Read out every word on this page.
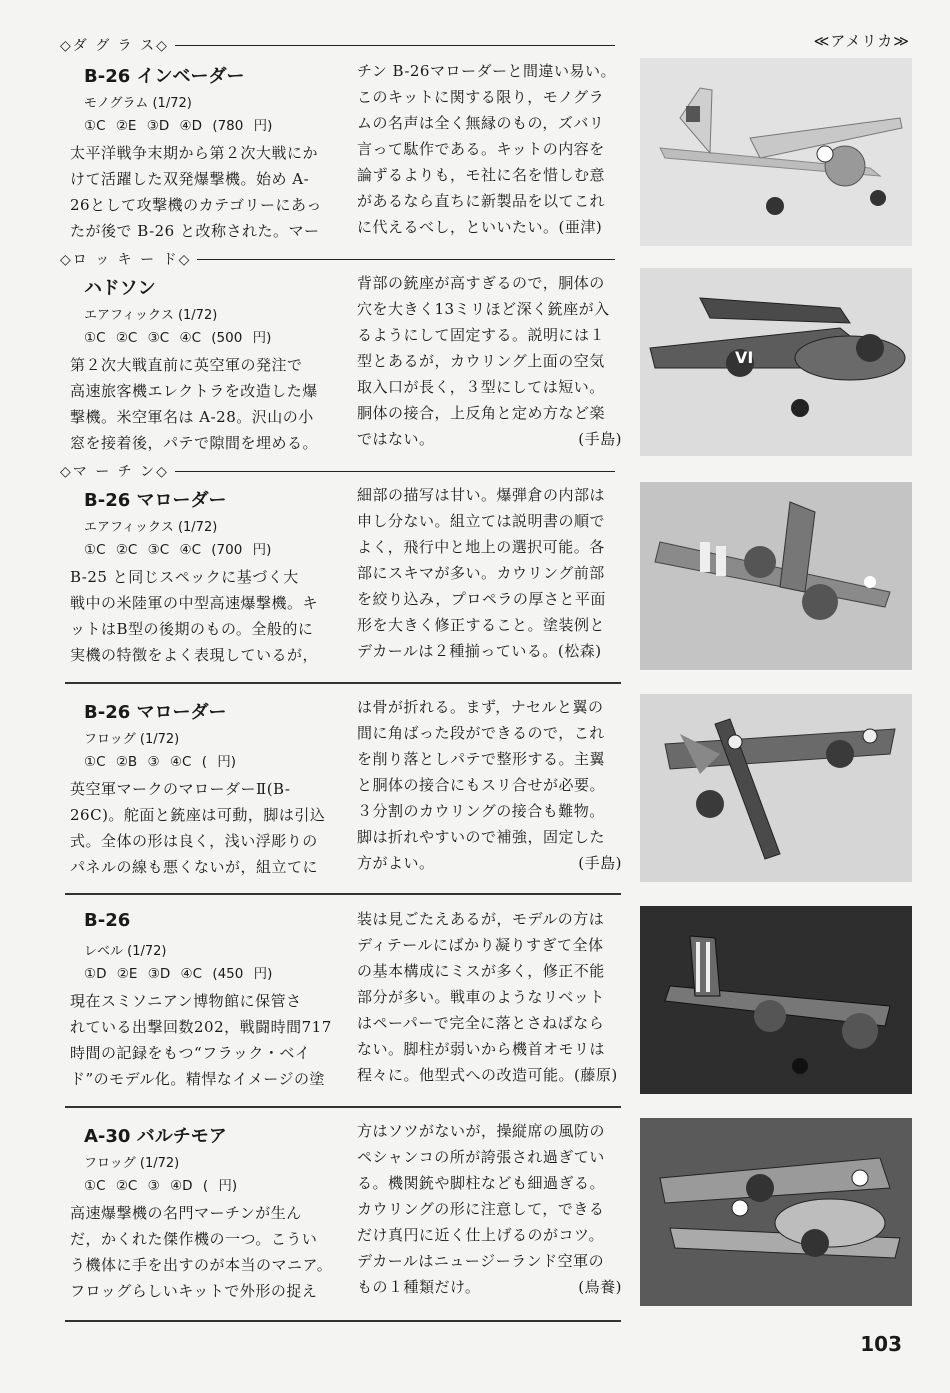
≪アメリカ≫
◇ダ グ ラ ス◇
B-26 インベーダー
モノグラム (1/72)
①C ②E ③D ④D (780 円)

太平洋戦争末期から第２次大戦にか
けて活躍した双発爆撃機。始め A-
26として攻撃機のカテゴリーにあっ
たが後で B-26 と改称された。マー

チン B-26マローダーと間違い易い。
このキットに関する限り，モノグラ
ムの名声は全く無縁のもの，ズバリ
言って駄作である。キットの内容を
論ずるよりも，モ社に名を惜しむ意
があるなら直ちに新製品を以てこれ
に代えるべし，といいたい。(亜津)

◇ロ ッ キ ー ド◇
ハドソン
エアフィックス (1/72)
①C ②C ③C ④C (500 円)

第２次大戦直前に英空軍の発注で
高速旅客機エレクトラを改造した爆
撃機。米空軍名は A-28。沢山の小
窓を接着後，パテで隙間を埋める。

背部の銃座が高すぎるので，胴体の
穴を大きく13ミリほど深く銃座が入
るようにして固定する。説明には１
型とあるが，カウリング上面の空気
取入口が長く，３型にしては短い。
胴体の接合，上反角と定め方など楽
ではない。	(手島)

VI
◇マ ー チ ン◇
B-26 マローダー
エアフィックス (1/72)
①C ②C ③C ④C (700 円)

B-25 と同じスペックに基づく大
戦中の米陸軍の中型高速爆撃機。キ
ットはB型の後期のもの。全般的に
実機の特徴をよく表現しているが，

細部の描写は甘い。爆弾倉の内部は
申し分ない。組立ては説明書の順で
よく，飛行中と地上の選択可能。各
部にスキマが多い。カウリング前部
を絞り込み，プロペラの厚さと平面
形を大きく修正すること。塗装例と
デカールは２種揃っている。(松森)

B-26 マローダー
フロッグ (1/72)
①C ②B ③ ④C ( 円)

英空軍マークのマローダーⅡ(B-
26C)。舵面と銃座は可動，脚は引込
式。全体の形は良く，浅い浮彫りの
パネルの線も悪くないが，組立てに

は骨が折れる。まず，ナセルと翼の
間に角ばった段ができるので，これ
を削り落としパテで整形する。主翼
と胴体の接合にもスリ合せが必要。
３分割のカウリングの接合も難物。
脚は折れやすいので補強，固定した
方がよい。	(手島)

B-26
レベル (1/72)
①D ②E ③D ④C (450 円)

現在スミソニアン博物館に保管さ
れている出撃回数202，戦闘時間717
時間の記録をもつ“フラック・ベイ
ド”のモデル化。精悍なイメージの塗

装は見ごたえあるが，モデルの方は
ディテールにばかり凝りすぎて全体
の基本構成にミスが多く，修正不能
部分が多い。戦車のようなリベット
はペーパーで完全に落とさねばなら
ない。脚柱が弱いから機首オモリは
程々に。他型式への改造可能。(藤原)

A-30 バルチモア
フロッグ (1/72)
①C ②C ③ ④D ( 円)

高速爆撃機の名門マーチンが生ん
だ，かくれた傑作機の一つ。こうい
う機体に手を出すのが本当のマニア。
フロッグらしいキットで外形の捉え

方はソツがないが，操縦席の風防の
ペシャンコの所が誇張され過ぎてい
る。機関銃や脚柱なども細過ぎる。
カウリングの形に注意して，できる
だけ真円に近く仕上げるのがコツ。
デカールはニュージーランド空軍の
もの１種類だけ。	(鳥養)

103
